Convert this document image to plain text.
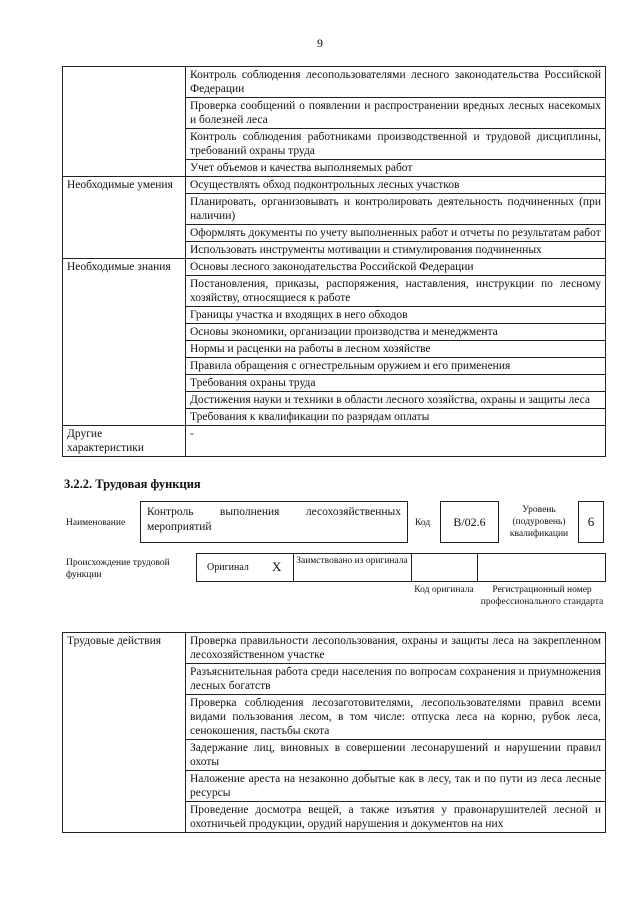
9
	Контроль соблюдения лесопользователями лесного законодательства Российской Федерации
	Проверка сообщений о появлении и распространении вредных лесных насекомых и болезней леса
	Контроль соблюдения работниками производственной и трудовой дисциплины, требований охраны труда
	Учет объемов и качества выполняемых работ
Необходимые умения	Осуществлять обход подконтрольных лесных участков
	Планировать, организовывать и контролировать деятельность подчиненных (при наличии)
	Оформлять документы по учету выполненных работ и отчеты по результатам работ
	Использовать инструменты мотивации и стимулирования подчиненных
Необходимые знания	Основы лесного законодательства Российской Федерации
	Постановления, приказы, распоряжения, наставления, инструкции по лесному хозяйству, относящиеся к работе
	Границы участка и входящих в него обходов
	Основы экономики, организации производства и менеджмента
	Нормы и расценки на работы в лесном хозяйстве
	Правила обращения с огнестрельным оружием и его применения
	Требования охраны труда
	Достижения науки и техники в области лесного хозяйства, охраны и защиты леса
	Требования к квалификации по разрядам оплаты
Другие характеристики	-
3.2.2. Трудовая функция
Наименование
Контроль выполнения лесохозяйственных мероприятий	Код	В/02.6
Уровень (подуровень) квалификации
6
Происхождение трудовой функции
Оригинал X Заимствовано из оригинала
Код оригинала	Регистрационный номер профессионального стандарта
Трудовые действия	Проверка правильности лесопользования, охраны и защиты леса на закрепленном лесохозяйственном участке
Разъяснительная работа среди населения по вопросам сохранения и приумножения лесных богатств
Проверка соблюдения лесозаготовителями, лесопользователями правил всеми видами пользования лесом, в том числе: отпуска леса на корню, рубок леса, сенокошения, пастьбы скота
Задержание лиц, виновных в совершении лесонарушений и нарушении правил охоты
Наложение ареста на незаконно добытые как в лесу, так и по пути из леса лесные ресурсы
Проведение досмотра вещей, а также изъятия у правонарушителей лесной и охотничьей продукции, орудий нарушения и документов на них
